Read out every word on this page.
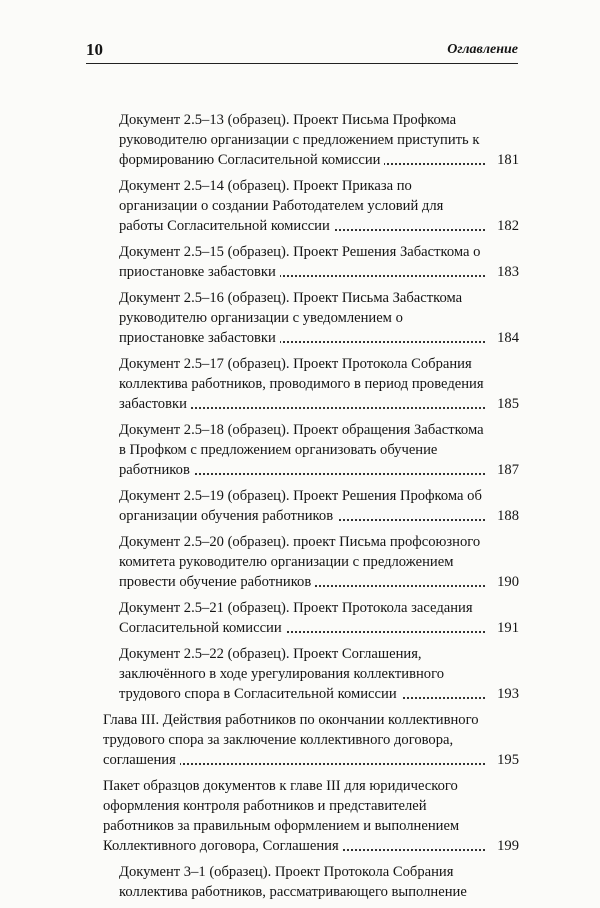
10	Оглавление
Документ 2.5–13 (образец). Проект Письма Профкома руководителю организации с предложением приступить к формированию Согласительной комиссии	181
Документ 2.5–14 (образец). Проект Приказа по организации о создании Работодателем условий для работы Согласительной комиссии	182
Документ 2.5–15 (образец). Проект Решения Забасткома о приостановке забастовки	183
Документ 2.5–16 (образец). Проект Письма Забасткома руководителю организации с уведомлением о приостановке забастовки	184
Документ 2.5–17 (образец). Проект Протокола Собрания коллектива работников, проводимого в период проведения забастовки	185
Документ 2.5–18 (образец). Проект обращения Забасткома в Профком с предложением организовать обучение работников	187
Документ 2.5–19 (образец). Проект Решения Профкома об организации обучения работников	188
Документ 2.5–20 (образец). проект Письма профсоюзного комитета руководителю организации с предложением провести обучение работников	190
Документ 2.5–21 (образец). Проект Протокола заседания Согласительной комиссии	191
Документ 2.5–22 (образец). Проект Соглашения, заключённого в ходе урегулирования коллективного трудового спора в Согласительной комиссии	193
Глава III. Действия работников по окончании коллективного трудового спора за заключение коллективного договора, соглашения	195
Пакет образцов документов к главе III для юридического оформления контроля работников и представителей работников за правильным оформлением и выполнением Коллективного договора, Соглашения	199
Документ 3–1 (образец). Проект Протокола Собрания коллектива работников, рассматривающего выполнение
